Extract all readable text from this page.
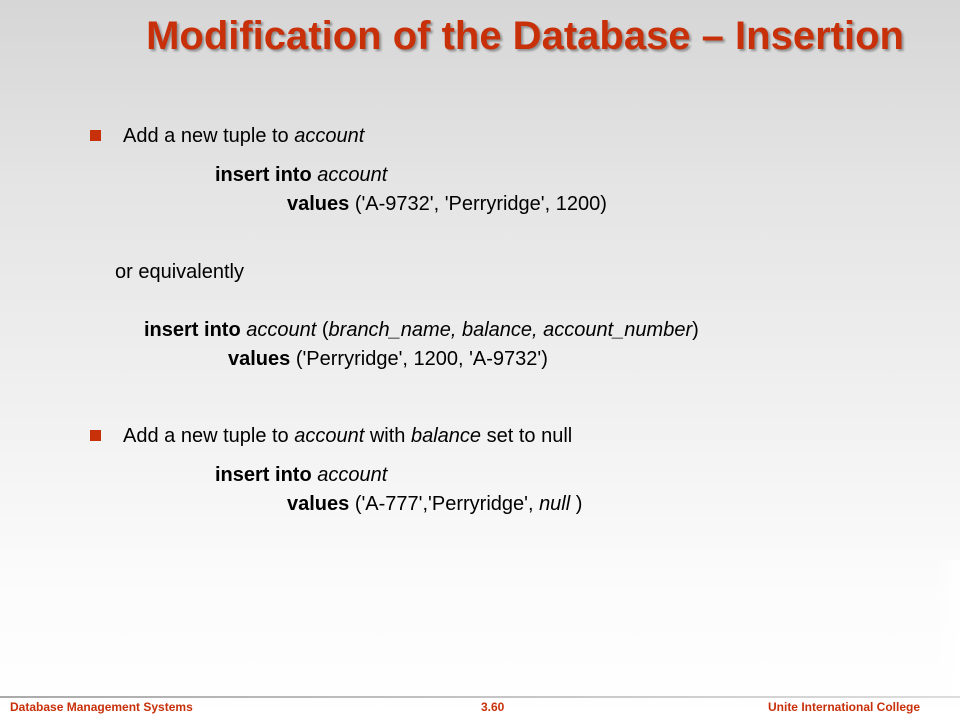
Modification of the Database – Insertion
Add a new tuple to account
insert into account
values ('A-9732', 'Perryridge', 1200)
or equivalently
insert into account (branch_name, balance, account_number)
values ('Perryridge', 1200, 'A-9732')
Add a new tuple to account with balance set to null
insert into account
values ('A-777','Perryridge', null )
Database Management Systems	3.60	Unite International College
